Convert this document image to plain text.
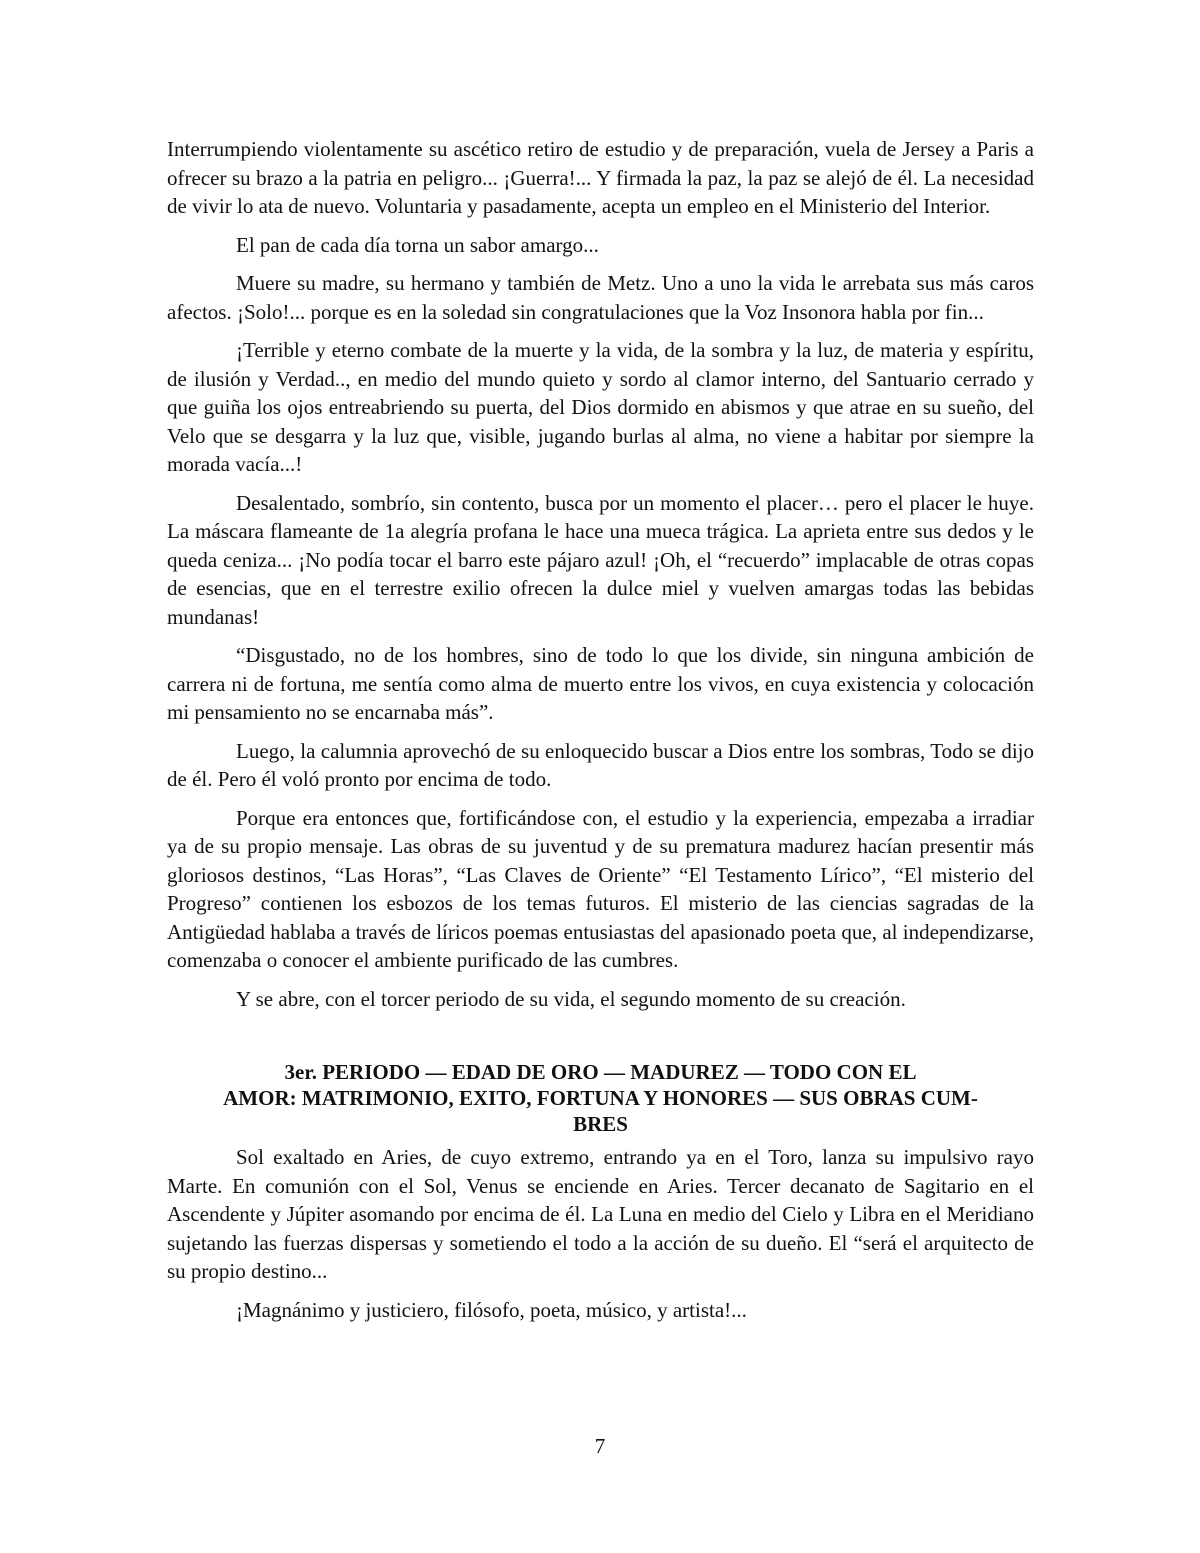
Interrumpiendo violentamente su ascético retiro de estudio y de preparación, vuela de Jersey a Paris a ofrecer su brazo a la patria en peligro... ¡Guerra!... Y firmada la paz, la paz se alejó de él. La necesidad de vivir lo ata de nuevo. Voluntaria y pasadamente, acepta un empleo en el Ministerio del Interior.

El pan de cada día torna un sabor amargo...

Muere su madre, su hermano y también de Metz. Uno a uno la vida le arrebata sus más caros afectos. ¡Solo!... porque es en la soledad sin congratulaciones que la Voz Insonora habla por fin...

¡Terrible y eterno combate de la muerte y la vida, de la sombra y la luz, de materia y espíritu, de ilusión y Verdad.., en medio del mundo quieto y sordo al clamor interno, del Santuario cerrado y que guiña los ojos entreabriendo su puerta, del Dios dormido en abismos y que atrae en su sueño, del Velo que se desgarra y la luz que, visible, jugando burlas al alma, no viene a habitar por siempre la morada vacía...!

Desalentado, sombrío, sin contento, busca por un momento el placer… pero el placer le huye. La máscara flameante de 1a alegría profana le hace una mueca trágica. La aprieta entre sus dedos y le queda ceniza... ¡No podía tocar el barro este pájaro azul! ¡Oh, el “recuerdo” implacable de otras copas de esencias, que en el terrestre exilio ofrecen la dulce miel y vuelven amargas todas las bebidas mundanas!

“Disgustado, no de los hombres, sino de todo lo que los divide, sin ninguna ambición de carrera ni de fortuna, me sentía como alma de muerto entre los vivos, en cuya existencia y colocación mi pensamiento no se encarnaba más”.

Luego, la calumnia aprovechó de su enloquecido buscar a Dios entre los sombras, Todo se dijo de él. Pero él voló pronto por encima de todo.

Porque era entonces que, fortificándose con, el estudio y la experiencia, empezaba a irradiar ya de su propio mensaje. Las obras de su juventud y de su prematura madurez hacían presentir más gloriosos destinos, “Las Horas”, “Las Claves de Oriente” “El Testamento Lírico”, “El misterio del Progreso” contienen los esbozos de los temas futuros. El misterio de las ciencias sagradas de la Antigüedad hablaba a través de líricos poemas entusiastas del apasionado poeta que, al independizarse, comenzaba o conocer el ambiente purificado de las cumbres.

Y se abre, con el torcer periodo de su vida, el segundo momento de su creación.

3er. PERIODO — EDAD DE ORO — MADUREZ — TODO CON EL
AMOR: MATRIMONIO, EXITO, FORTUNA Y HONORES — SUS OBRAS CUM-
BRES

Sol exaltado en Aries, de cuyo extremo, entrando ya en el Toro, lanza su impulsivo rayo Marte. En comunión con el Sol, Venus se enciende en Aries. Tercer decanato de Sagitario en el Ascendente y Júpiter asomando por encima de él. La Luna en medio del Cielo y Libra en el Meridiano sujetando las fuerzas dispersas y sometiendo el todo a la acción de su dueño. El “será el arquitecto de su propio destino...

¡Magnánimo y justiciero, filósofo, poeta, músico, y artista!...

7
